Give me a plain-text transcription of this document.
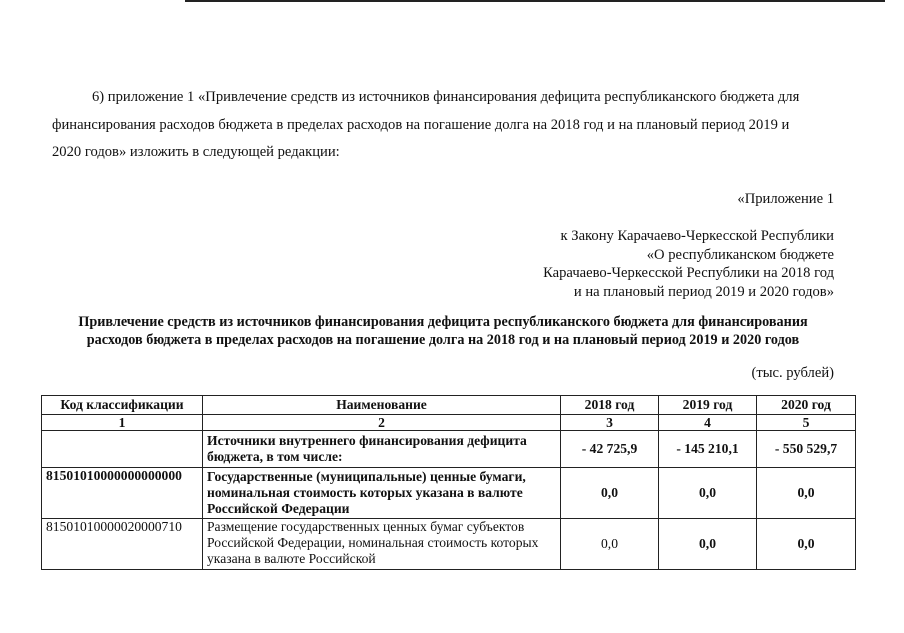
6) приложение 1 «Привлечение средств из источников финансирования дефицита республиканского бюджета для
финансирования расходов бюджета в пределах расходов на погашение долга на 2018 год и на плановый период 2019 и
2020 годов» изложить в следующей редакции:

«Приложение 1

к Закону Карачаево-Черкесской Республики
«О республиканском бюджете
Карачаево-Черкесской Республики на 2018 год
и на плановый период 2019 и 2020 годов»

Привлечение средств из источников финансирования дефицита республиканского бюджета для финансирования
расходов бюджета в пределах расходов на погашение долга на 2018 год и на плановый период 2019 и 2020 годов

(тыс. рублей)

Код классификации	Наименование	2018 год	2019 год	2020 год
1	2	3	4	5
	Источники внутреннего финансирования дефицита бюджета, в том числе:	- 42 725,9	- 145 210,1	- 550 529,7
81501010000000000000	Государственные (муниципальные) ценные бумаги, номинальная стоимость которых указана в валюте Российской Федерации	0,0	0,0	0,0
81501010000020000710	Размещение государственных ценных бумаг субъектов Российской Федерации, номинальная стоимость которых указана в валюте Российской	0,0	0,0	0,0
